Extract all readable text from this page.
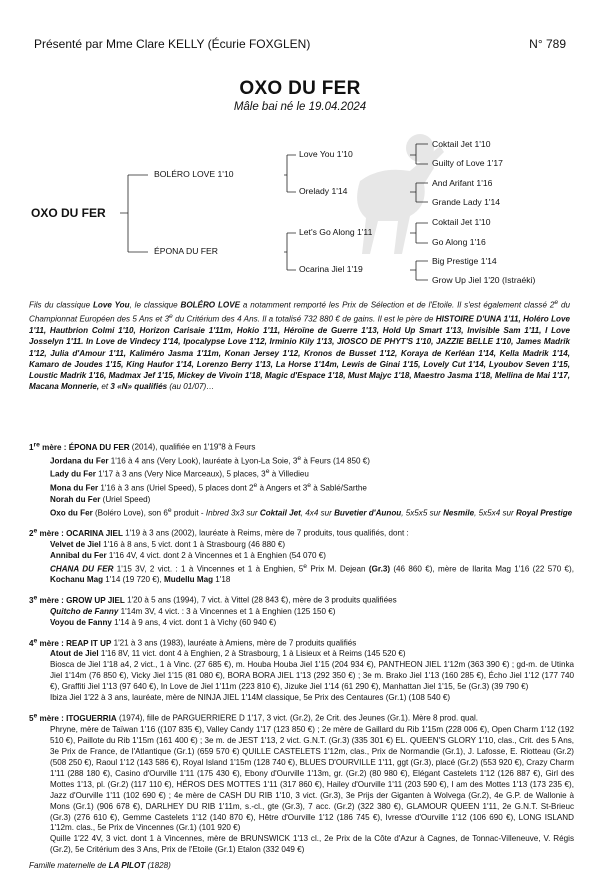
Présenté par Mme Clare KELLY (Écurie FOXGLEN)	N° 789
OXO DU FER
Mâle bai né le 19.04.2024
OXO DU FER
BOLÉRO LOVE 1'10
ÉPONA DU FER
Love You 1'10
Orelady 1'14
Let's Go Along 1'11
Ocarina Jiel 1'19
Coktail Jet 1'10
Guilty of Love 1'17
And Arifant 1'16
Grande Lady 1'14
Coktail Jet 1'10
Go Along 1'16
Big Prestige 1'14
Grow Up Jiel 1'20 (Istraéki)
Fils du classique Love You, le classique BOLÉRO LOVE a notamment remporté les Prix de Sélection et de l'Etoile. Il s'est également classé 2e du Championnat Européen des 5 Ans et 3e du Critérium des 4 Ans. Il a totalisé 732 880 € de gains. Il est le père de HISTOIRE D'UNA 1'11, Holéro Love 1'11, Hautbrion Colmi 1'10, Horizon Carisaie 1'11m, Hokio 1'11, Héroïne de Guerre 1'13, Hold Up Smart 1'13, Invisible Sam 1'11, I Love Josselyn 1'11. In Love de Vindecy 1'14, Ipocalypse Love 1'12, Irminio Kily 1'13, JIOSCO DE PHYT'S 1'10, JAZZIE BELLE 1'10, James Madrik 1'12, Julia d'Amour 1'11, Kaliméro Jasma 1'11m, Konan Jersey 1'12, Kronos de Busset 1'12, Koraya de Kerléan 1'14, Kella Madrik 1'14, Kamaro de Joudes 1'15, King Haufor 1'14, Lorenzo Berry 1'13, La Horse 1'14m, Lewis de Ginai 1'15, Lovely Cut 1'14, Lyoubov Seven 1'15, Loustic Madrik 1'16, Madmax Jef 1'15, Mickey de Vivoin 1'18, Magic d'Espace 1'18, Must Majyc 1'18, Maestro Jasma 1'18, Mellina de Mai 1'17, Macana Monnerie, et 3 «N» qualifiés (au 01/07)…
1re mère : ÉPONA DU FER (2014), qualifiée en 1'19"8 à Feurs
Jordana du Fer 1'16 à 4 ans (Very Look), lauréate à Lyon-La Soie, 3e à Feurs (14 850 €)
Lady du Fer 1'17 à 3 ans (Very Nice Marceaux), 5 places, 3e à Villedieu
Mona du Fer 1'16 à 3 ans (Uriel Speed), 5 places dont 2e à Angers et 3e à Sablé/Sarthe
Norah du Fer (Uriel Speed)
Oxo du Fer (Boléro Love), son 6e produit - Inbred 3x3 sur Coktail Jet, 4x4 sur Buvetier d'Aunou, 5x5x5 sur Nesmile, 5x5x4 sur Royal Prestige
2e mère : OCARINA JIEL 1'19 à 3 ans (2002), lauréate à Reims, mère de 7 produits, tous qualifiés, dont :
Velvet de Jiel 1'16 à 8 ans, 5 vict. dont 1 à Strasbourg (46 880 €)
Annibal du Fer 1'16 4V, 4 vict. dont 2 à Vincennes et 1 à Enghien (54 070 €)
CHANA DU FER 1'15 3V, 2 vict. : 1 à Vincennes et 1 à Enghien, 5e Prix M. Dejean (Gr.3) (46 860 €), mère de Ilarita Mag 1'16 (22 570 €), Kochanu Mag 1'14 (19 720 €), Mudellu Mag 1'18
3e mère : GROW UP JIEL 1'20 à 5 ans (1994), 7 vict. à Vittel (28 843 €), mère de 3 produits qualifiées
Quitcho de Fanny 1'14m 3V, 4 vict. : 3 à Vincennes et 1 à Enghien (125 150 €)
Voyou de Fanny 1'14 à 9 ans, 4 vict. dont 1 à Vichy (60 940 €)
4e mère : REAP IT UP 1'21 à 3 ans (1983), lauréate à Amiens, mère de 7 produits qualifiés
Atout de Jiel 1'16 8V, 11 vict. dont 4 à Enghien, 2 à Strasbourg, 1 à Lisieux et à Reims (145 520 €)
Biosca de Jiel 1'18 a4, 2 vict., 1 à Vinc. (27 685 €), m. Houba Houba Jiel 1'15 (204 934 €), PANTHEON JIEL 1'12m (363 390 €) ; gd-m. de Utinka Jiel 1'14m (76 850 €), Vicky Jiel 1'15 (81 080 €), BORA BORA JIEL 1'13 (292 350 €) ; 3e m. Brako Jiel 1'13 (160 285 €), Écho Jiel 1'12 (177 740 €), Graffiti Jiel 1'13 (97 640 €), In Love de Jiel 1'11m (223 810 €), Jizuke Jiel 1'14 (61 290 €), Manhattan Jiel 1'15, 5e (Gr.3) (39 790 €)
Ibiza Jiel 1'22 à 3 ans, lauréate, mère de NINJA JIEL 1'14M classique, 5e Prix des Centaures (Gr.1) (108 540 €)
5e mère : ITOGUERRIA (1974), fille de PARGUERRIERE D 1'17, 3 vict. (Gr.2), 2e Crit. des Jeunes (Gr.1). Mère 8 prod. qual.
Phryne, mère de Taïwan 1'16 ((107 835 €), Valley Candy 1'17 (123 850 €) ; 2e mère de Gaillard du Rib 1'15m (228 006 €), Open Charm 1'12 (192 510 €), Paillote du Rib 1'15m (161 400 €) ; 3e m. de JEST 1'13, 2 vict. G.N.T. (Gr.3) (335 301 €) EL. QUEEN'S GLORY 1'10, clas., Crit. des 5 Ans, 3e Prix de France, de l'Atlantique (Gr.1) (659 570 €) QUILLE CASTELETS 1'12m, clas., Prix de Normandie (Gr.1), J. Lafosse, E. Riotteau (Gr.2) (508 250 €), Raoul 1'12 (143 586 €), Royal Island 1'15m (128 740 €), BLUES D'OURVILLE 1'11, ggt (Gr.3), placé (Gr.2) (553 920 €), Crazy Charm 1'11 (288 180 €), Casino d'Ourville 1'11 (175 430 €), Ebony d'Ourville 1'13m, gr. (Gr.2) (80 980 €), Elégant Castelets 1'12 (126 887 €), Girl des Mottes 1'13, pl. (Gr.2) (117 110 €), HÉROS DES MOTTES 1'11 (317 860 €), Hailey d'Ourville 1'11 (203 590 €), I am des Mottes 1'13 (173 235 €), Jazz d'Ourville 1'11 (102 690 €) ; 4e mère de CASH DU RIB 1'10, 3 vict. (Gr.3), 3e Prijs der Giganten à Wolvega (Gr.2), 4e G.P. de Wallonie à Mons (Gr.1) (906 678 €), DARLHEY DU RIB 1'11m, s.-cl., gte (Gr.3), 7 acc. (Gr.2) (322 380 €), GLAMOUR QUEEN 1'11, 2e G.N.T. St-Brieuc (Gr.3) (276 610 €), Gemme Castelets 1'12 (140 870 €), Hêtre d'Ourville 1'12 (186 745 €), Ivresse d'Ourville 1'12 (106 690 €), LONG ISLAND 1'12m. clas., 5e Prix de Vincennes (Gr.1) (101 920 €)
Quille 1'22 4V, 3 vict. dont 1 à Vincennes, mère de BRUNSWICK 1'13 cl., 2e Prix de la Côte d'Azur à Cagnes, de Tonnac-Villeneuve, V. Régis (Gr.2), 5e Critérium des 3 Ans, Prix de l'Etoile (Gr.1) Etalon (332 049 €)
Famille maternelle de LA PILOT (1828)
